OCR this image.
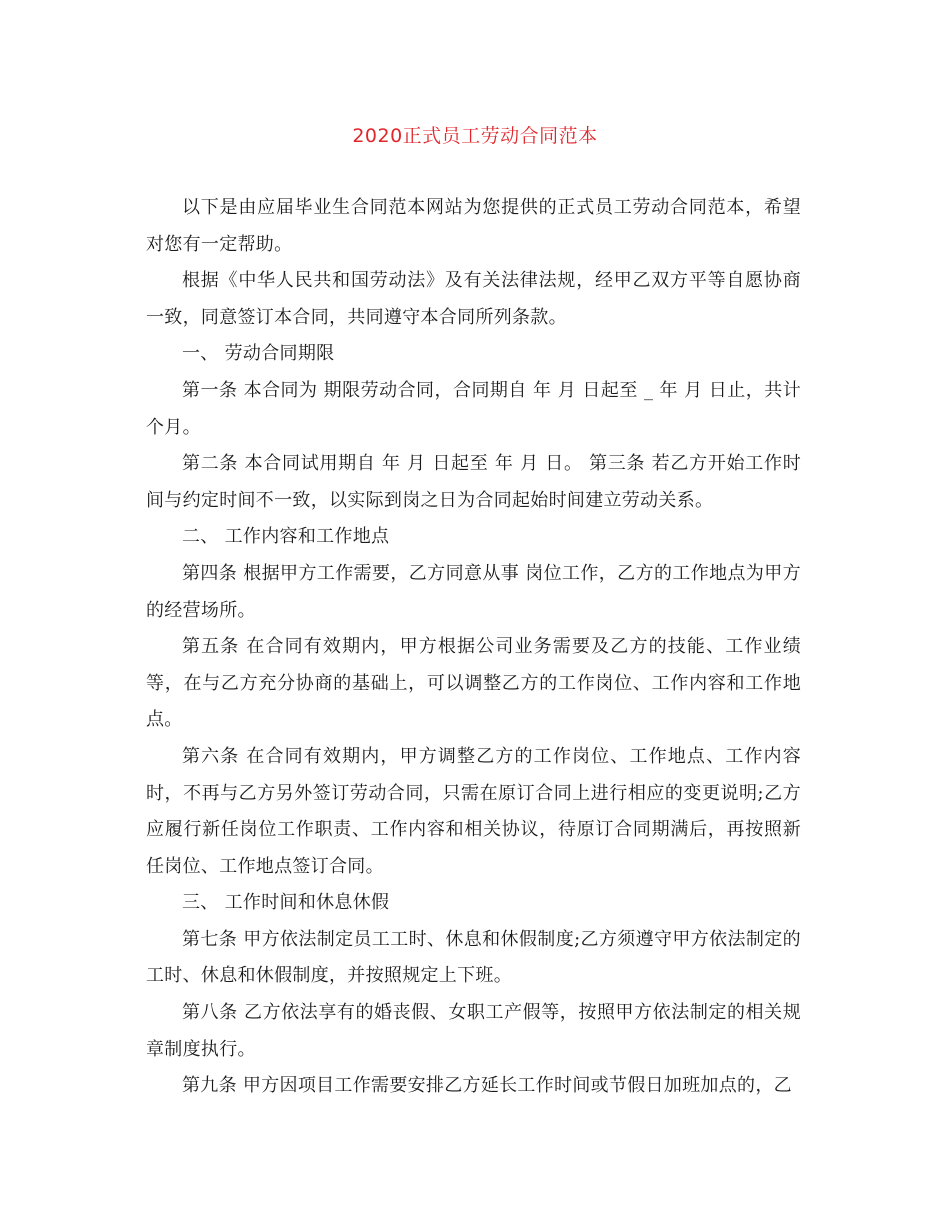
2020正式员工劳动合同范本

以下是由应届毕业生合同范本网站为您提供的正式员工劳动合同范本，希望对您有一定帮助。

根据《中华人民共和国劳动法》及有关法律法规，经甲乙双方平等自愿协商一致，同意签订本合同，共同遵守本合同所列条款。

一、 劳动合同期限

第一条 本合同为 期限劳动合同，合同期自 年 月 日起至 _ 年 月 日止，共计 个月。

第二条 本合同试用期自 年 月 日起至 年 月 日。 第三条 若乙方开始工作时间与约定时间不一致，以实际到岗之日为合同起始时间建立劳动关系。

二、 工作内容和工作地点

第四条 根据甲方工作需要，乙方同意从事 岗位工作，乙方的工作地点为甲方的经营场所。

第五条 在合同有效期内，甲方根据公司业务需要及乙方的技能、工作业绩等，在与乙方充分协商的基础上，可以调整乙方的工作岗位、工作内容和工作地点。

第六条 在合同有效期内，甲方调整乙方的工作岗位、工作地点、工作内容时，不再与乙方另外签订劳动合同，只需在原订合同上进行相应的变更说明;乙方应履行新任岗位工作职责、工作内容和相关协议，待原订合同期满后，再按照新任岗位、工作地点签订合同。

三、 工作时间和休息休假

第七条 甲方依法制定员工工时、休息和休假制度;乙方须遵守甲方依法制定的工时、休息和休假制度，并按照规定上下班。

第八条 乙方依法享有的婚丧假、女职工产假等，按照甲方依法制定的相关规章制度执行。

第九条 甲方因项目工作需要安排乙方延长工作时间或节假日加班加点的，乙
